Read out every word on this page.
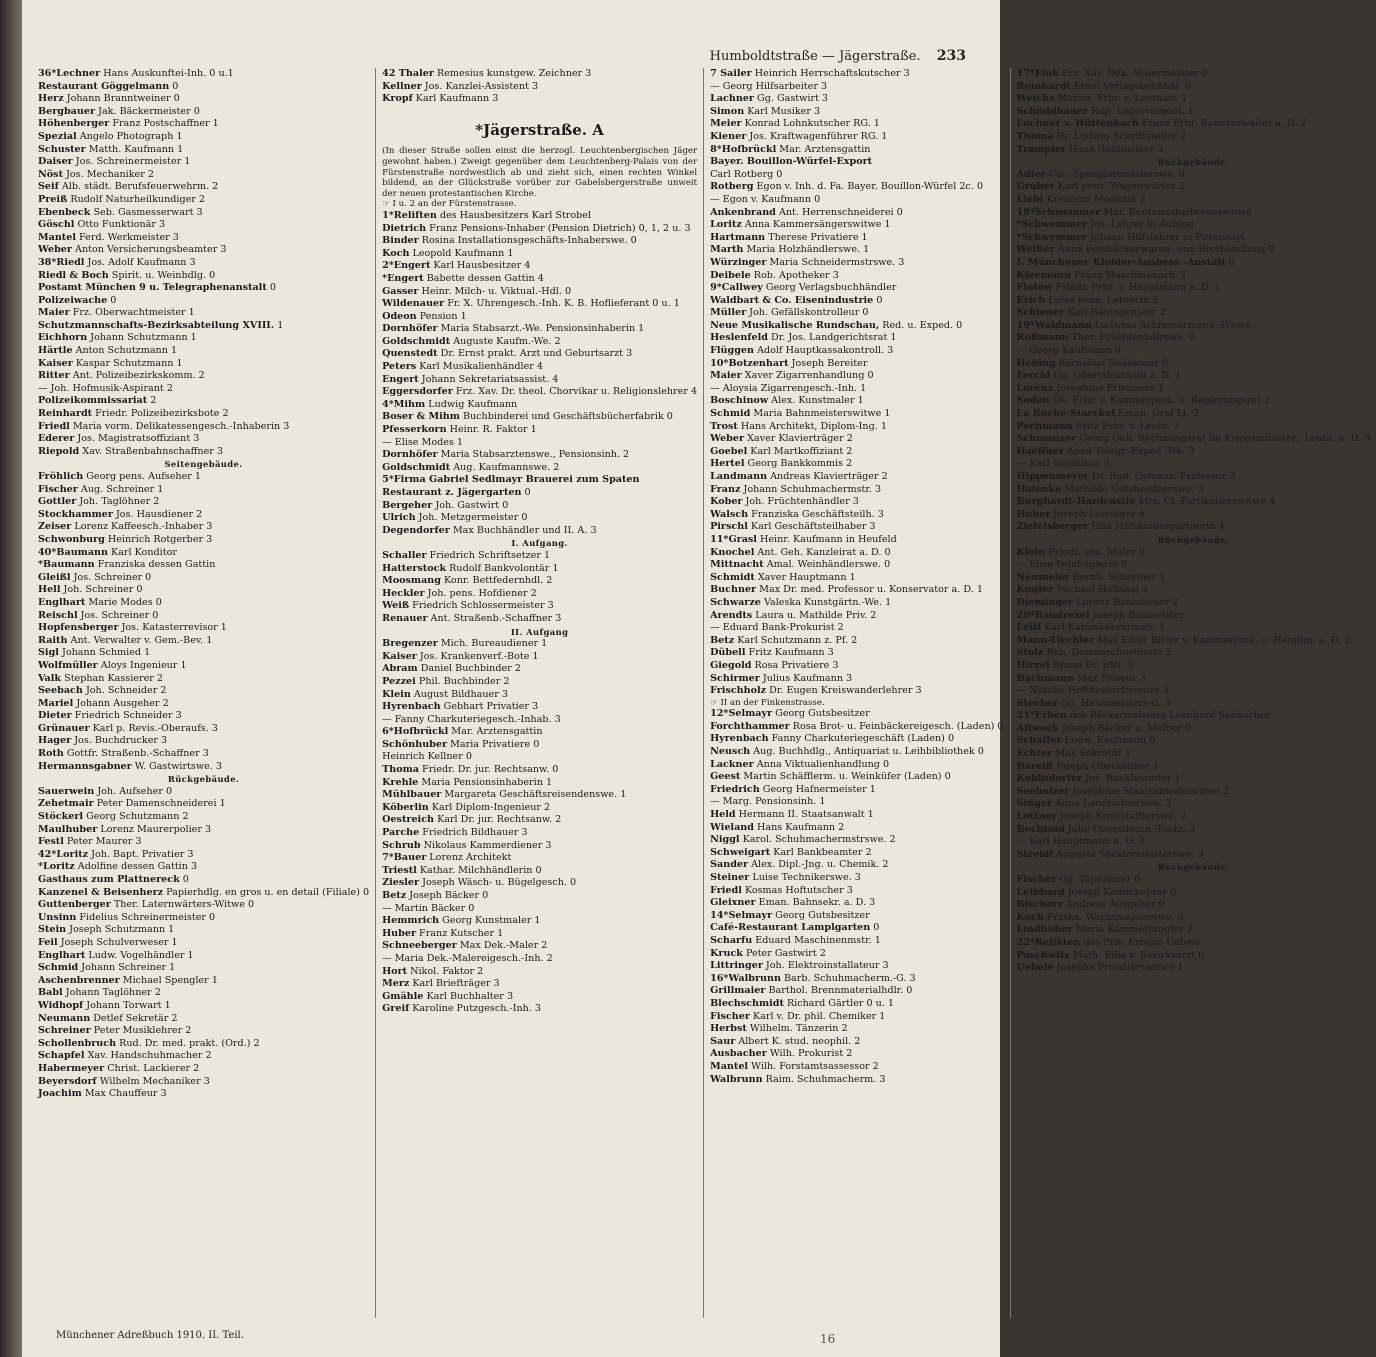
Humboldtstraße — Jägerstraße. 233
36*Lechner Hans Auskunftei-Inh. 0 u.1
Restaurant Göggelmann 0
Herz Johann Branntweiner 0
Bergbauer Jak. Bäckermeister 0
Höhenberger Franz Postschaffner 1
Spezial Angelo Photograph 1
Schuster Matth. Kaufmann 1
Daiser Jos. Schreinermeister 1
Nöst Jos. Mechaniker 2
Seif Alb. städt. Berufsfeuerwehrm. 2
Preiß Rudolf Naturheilkundiger 2
Ebenbeck Seb. Gasmesserwart 3
Göschl Otto Funktionär 3
Mantel Ferd. Werkmeister 3
Weber Anton Versicherungsbeamter 3
38*Riedl Jos. Adolf Kaufmann 3
Riedl & Boch Spirit. u. Weinhdlg. 0
Postamt München 9 u. Telegraphenanstalt 0
Polizeiwache 0
Maier Frz. Oberwachtmeister 1
Schutzmannschafts-Bezirksabteilung XVIII. 1
Eichhorn Johann Schutzmann 1
Härtle Anton Schutzmann 1
Kaiser Kaspar Schutzmann 1
Ritter Ant. Polizeibezirkskomm. 2
— Joh. Hofmusik-Aspirant 2
Polizeikommissariat 2
Reinhardt Friedr. Polizeibezirksbote 2
Friedl Maria vorm. Delikatessengesch.-Inhaberin 3
Ederer Jos. Magistratsoffiziant 3
Riepold Xav. Straßenbahnschaffner 3
Seitengebäude.
Fröhlich Georg pens. Aufseher 1
Fischer Aug. Schreiner 1
Gottler Joh. Taglöhner 2
Stockhammer Jos. Hausdiener 2
Zeiser Lorenz Kaffeesch.-Inhaber 3
Schwonburg Heinrich Rotgerber 3
40*Baumann Karl Konditor
*Baumann Franziska dessen Gattin
Gleißl Jos. Schreiner 0
Hell Joh. Schreiner 0
Englhart Marie Modes 0
Reischl Jos. Schreiner 0
Hopfensberger Jos. Katasterrevisor 1
Raith Ant. Verwalter v. Gem.-Bev. 1
Sigl Johann Schmied 1
Wolfmüller Aloys Ingenieur 1
Valk Stephan Kassierer 2
Seebach Joh. Schneider 2
Mariel Johann Ausgeher 2
Dieter Friedrich Schneider 3
Grünauer Karl p. Revis.-Oberaufs. 3
Hager Jos. Buchdrucker 3
Roth Gottfr. Straßenb.-Schaffner 3
Hermannsgabner W. Gastwirtswe. 3
Rückgebäude.
Sauerwein Joh. Aufseher 0
Zehetmair Peter Damenschneiderei 1
Stöckerl Georg Schutzmann 2
Maulhuber Lorenz Maurerpolier 3
Festl Peter Maurer 3
42*Loritz Joh. Bapt. Privatier 3
*Loritz Adolfine dessen Gattin 3
Gasthaus zum Plattnereck 0
Kanzenel & Beisenherz Papierhdlg. en gros u. en detail (Filiale) 0
Guttenberger Ther. Laternwärters-Witwe 0
Unsinn Fidelius Schreinermeister 0
Stein Joseph Schutzmann 1
Feil Joseph Schulverweser 1
Englhart Ludw. Vogelhändler 1
Schmid Johann Schreiner 1
Aschenbrenner Michael Spengler 1
Babl Johann Taglöhner 2
Widhopf Johann Torwart 1
Neumann Detlef Sekretär 2
Schreiner Peter Musiklehrer 2
Schollenbruch Rud. Dr. med. prakt. (Ord.) 2
Schapfel Xav. Handschuhmacher 2
Habermeyer Christ. Lackierer 2
Beyersdorf Wilhelm Mechaniker 3
Joachim Max Chauffeur 3
42 Thaler Remesius kunstgew. Zeichner 3
Kellner Jos. Kanzlei-Assistent 3
Kropf Karl Kaufmann 3
*Jägerstraße. A
(In dieser Straße sollen einst die herzogl. Leuchtenbergischen Jäger gewohnt haben.) Zweigt gegenüber dem Leuchtenberg-Palais von der Fürstenstraße nordwestlich ab und zieht sich, einen rechten Winkel bildend, an der Glückstraße vorüber zur Gabelsbergerstraße unweit der neuen protestantischen Kirche.
☞ I u. 2 an der Fürstenstrasse.
1*Reliften des Hausbesitzers Karl Strobel
Dietrich Franz Pensions-Inhaber (Pension Dietrich) 0, 1, 2 u. 3
Binder Rosina Installationsgeschäfts-Inhaberswe. 0
Koch Leopold Kaufmann 1
2*Engert Karl Hausbesitzer 4
*Engert Babette dessen Gattin 4
Gasser Heinr. Milch- u. Viktual.-Hdl. 0
Wildenauer Fr. X. Uhrengesch.-Inh. K. B. Hoflieferant 0 u. 1
Odeon Pension 1
Dornhöfer Maria Stabsarzt.-We. Pensionsinhaberin 1
Goldschmidt Auguste Kaufm.-We. 2
Quenstedt Dr. Ernst prakt. Arzt und Geburtsarzt 3
Peters Karl Musikalienhändler 4
Engert Johann Sekretariatsassist. 4
Eggersdorfer Frz. Xav. Dr. theol. Chorvikar u. Religionslehrer 4
4*Mihm Ludwig Kaufmann
Boser & Mihm Buchbinderei und Geschäftsbücherfabrik 0
Pfesserkorn Heinr. R. Faktor 1
— Elise Modes 1
Dornhöfer Maria Stabsarztenswe., Pensionsinh. 2
Goldschmidt Aug. Kaufmannswe. 2
5*Firma Gabriel Sedlmayr Brauerei zum Spaten
Restaurant z. Jägergarten 0
Bergeher Joh. Gastwirt 0
Ulrich Joh. Metzgermeister 0
Degendorfer Max Buchhändler und II. A. 3
I. Aufgang.
Schaller Friedrich Schriftsetzer 1
Hatterstock Rudolf Bankvolontär 1
Moosmang Konr. Bettfedernhdl. 2
Heckler Joh. pens. Hofdiener 2
Weiß Friedrich Schlossermeister 3
Renauer Ant. Straßenb.-Schaffner 3
II. Aufgang
Bregenzer Mich. Bureaudiener 1
Kaiser Jos. Krankenverf.-Bote 1
Abram Daniel Buchbinder 2
Pezzei Phil. Buchbinder 2
Klein August Bildhauer 3
Hyrenbach Gebhart Privatier 3
— Fanny Charkuteriegesch.-Inhab. 3
6*Hofbrückl Mar. Arztensgattin
Schönhuber Maria Privatiere 0
Heinrich Kellner 0
Thoma Friedr. Dr. jur. Rechtsanw. 0
Krehle Maria Pensionsinhaberin 1
Mühlbauer Margareta Geschäftsreisendenswe. 1
Köberlin Karl Diplom-Ingenieur 2
Oestreich Karl Dr. jur. Rechtsanw. 2
Parche Friedrich Bildhauer 3
Schrub Nikolaus Kammerdiener 3
7*Bauer Lorenz Architekt
Triestl Kathar. Milchhändlerin 0
Ziesler Joseph Wäsch- u. Bügelgesch. 0
Betz Joseph Bäcker 0
— Martin Bäcker 0
Hemmrich Georg Kunstmaler 1
Huber Franz Kutscher 1
Schneeberger Max Dek.-Maler 2
— Maria Dek.-Malereigesch.-Inh. 2
Hort Nikol. Faktor 2
Merz Karl Briefträger 3
Gmähle Karl Buchhalter 3
Greif Karoline Putzgesch.-Inh. 3
7 Sailer Heinrich Herrschaftskutscher 3
— Georg Hilfsarbeiter 3
Lachner Gg. Gastwirt 3
Simon Karl Musiker 3
Meier Konrad Lohnkutscher RG. 1
Kiener Jos. Kraftwagenführer RG. 1
8*Hofbrückl Mar. Arztensgattin
Bayer. Bouillon-Würfel-Export
Carl Rotberg 0
Rotberg Egon v. Inh. d. Fa. Bayer. Bouillon-Würfel 2c. 0
— Egon v. Kaufmann 0
Ankenbrand Ant. Herrenschneiderei 0
Loritz Anna Kammersängerswitwe 1
Hartmann Therese Privatiere 1
Marth Maria Holzhändlerswe. 1
Würzinger Maria Schneidermstrswe. 3
Deibele Rob. Apotheker 3
9*Callwey Georg Verlagsbuchhändler
Waldbart & Co. Eisenindustrie 0
Müller Joh. Gefällskontrolleur 0
Neue Musikalische Rundschau, Red. u. Exped. 0
Heslenfeld Dr. Jos. Landgerichtsrat 1
Flüggen Adolf Hauptkassakontroll. 3
10*Botzenhart Joseph Bereiter
Maier Xaver Zigarrenhandlung 0
— Aloysia Zigarrengesch.-Inh. 1
Boschinow Alex. Kunstmaler 1
Schmid Maria Bahnmeisterswitwe 1
Trost Hans Architekt, Diplom-Ing. 1
Weber Xaver Klavierträger 2
Goebel Karl Martkoffiziant 2
Hertel Georg Bankkommis 2
Landmann Andreas Klavierträger 2
Franz Johann Schuhmachermstr. 3
Kober Joh. Früchtenhändler 3
Walsch Franziska Geschäftsteilh. 3
Pirschl Karl Geschäftsteilhaber 3
11*Grasl Heinr. Kaufmann in Heufeld
Knochel Ant. Geh. Kanzleirat a. D. 0
Mittnacht Amal. Weinhändlerswe. 0
Schmidt Xaver Hauptmann 1
Buchner Max Dr. med. Professor u. Konservator a. D. 1
Schwarze Valeska Kunstgärtn.-We. 1
Arendts Laura u. Mathilde Priv. 2
— Eduard Bank-Prokurist 2
Betz Karl Schutzmann z. Pf. 2
Dübell Fritz Kaufmann 3
Giegold Rosa Privatiere 3
Schirmer Julius Kaufmann 3
Frischholz Dr. Eugen Kreiswanderlehrer 3
☞ II an der Finkenstrasse.
12*Selmayr Georg Gutsbesitzer
Forchthammer Rosa Brot- u. Feinbäckereigesch. (Laden) 0
Hyrenbach Fanny Charkuteriegeschäft (Laden) 0
Neusch Aug. Buchhdlg., Antiquariat u. Leihbibliothek 0
Lackner Anna Viktualienhandlung 0
Geest Martin Schäfflerm. u. Weinküfer (Laden) 0
Friedrich Georg Hafnermeister 1
— Marg. Pensionsinh. 1
Held Hermann II. Staatsanwalt 1
Wieland Hans Kaufmann 2
Niggl Karol. Schuhmachermstrswe. 2
Schweigart Karl Bankbeamter 2
Sander Alex. Dipl.-Jng. u. Chemik. 2
Steiner Luise Technikerswe. 3
Friedl Kosmas Hoftutscher 3
Gleixner Eman. Bahnsekr. a. D. 3
14*Selmayr Georg Gutsbesitzer
Café-Restaurant Lamplgarten 0
Scharfu Eduard Maschinenmstr. 1
Kruck Peter Gastwirt 2
Littringer Joh. Elektroinstallateur 3
16*Walbrunn Barb. Schuhmacherm.-G. 3
Grillmaier Barthol. Brennmaterialhdlr. 0
Blechschmidt Richard Gärtler 0 u. 1
Fischer Karl v. Dr. phil. Chemiker 1
Herbst Wilhelm. Tänzerin 2
Saur Albert K. stud. neophil. 2
Ausbacher Wilh. Prokurist 2
Mantel Wilh. Forstamtsassessor 2
Walbrunn Raim. Schuhmacherm. 3
17*Fink Frz. Xav. Dek.-Malermeister 0
Reinhardt Ernst Verlagsbuchhdl. 0
Weichs Maxim. Frhr. v. Leutnant 1
Schmidbauer Rup. Lagerverwalt. 1
Lochner v. Hüttenbach Franz Frhr. Bahnverwalter a. D. 2
Thoma Dr. Ludwig Schriftsteller 2
Trampler Hans Hofmusiker 3
Rückgebäude.
Adler Cäc. Spenglermeisterswe. 0
Gruber Karl pens. Wagenwärter 2
Liebl Kreszenz Modistin 2
18*Schwemmer Mar. Rentamtsbeibotenswitwe
*Schwemmer Jos. Lehrer in Aubing
*Schwemmer Johann Hilfslehrer in Pittenhart
Weißer Anna Feinbäckerwaren- und Brothandlung 0
I. Münchener Kleider-Ausbess.-Anstalt 0
Kleemann Franz Maschinenarb. 1
Flotow Friedr. Frhr. v. Hauptmann a. D. 1
Erich Luise pens. Lehrerin 2
Schiener Karl Bauingenieur 2
19*Waldmann Ludwina Schreinermstrs.-Witwe
Roßmann Ther. Früchtenhdlrswe. 0
— Georg Kaufmann 0
Hebing Kornelius Redakteur 0
Ferchl Gg. Oberstleutnant z. D. 1
Lorenz Josephine Privatiere 1
Soden Ök. Frhr. v. Kammerjunk. u. Regierungsrat 2
La Roche-Starckel Eman. Graf Lt. 2
Pechmann Fritz Frhr. v. Leutn. 2
Schmauser Georg Geh. Rechnungsrat im Kriegsminister., Leutn. a. D. 3
Haeffner Anna Telegr.-Exped.-We. 3
— Karl Ingenieur 3
Hippenmeyer Dr. Rud. Gymnas.-Professor 3
Halenke Mathilde Gutsbesitzerswe. 3
Burghardt-Hardcastle Mrs. Cl. Partikulierswitwe 4
Huber Joseph Leibjäger 4
Ziefelsberger Elsa Hilfskindergärtnerin 4
Rückgebäude.
Klein Friedr. sen. Maler 0
— Elise Feinbüglerin 0
Neumeier Bernh. Schreiner 1
Kugler Michael Hoflakai 2
Dieminger Lorenz Bankdiener 2
20*Baudrexel Joseph Baumeister
Leitl Karl Kaminkehrermstr. 1
Mann-Tiechler Max Edler Ritter v. Kammerjunk. u. Hauptm. a. D. 2
Stolz Bab. Damenschneiderin 2
Hirzel Bruno Dr. phil. 3
Bachmann Max Friseur 3
— Natalie Hoftheaterfriseuse 3
Stecher Gg. Hausmeisters-G. 3
21*Erben des Bäckermeisters Leonhard Seebacher
Altweck Joseph Bäcker u. Melber 0
Schäffer Ludw. Kaufmann 0
Echter Max Sekretär 1
Bareiß Joseph Oberkellner 1
Kohlndorfer Jos. Bankbeamter 1
Seeholzer Josephine Staatsanwaltswitwe 2
Singer Anna Landrichterswe. 2
Lottner Joseph Kreisstaffierswe. 2
Bechtold Julie Oberstleutn.-Tocht. 3
— Karl Hauptmann a. D. 3
Streidl Auguste Säcklermeisterswe. 3
Rückgebäude.
Fischer Gg. Tapezierer 0
Leibhard Joseph Kaminkehrer 0
Bischorr Andreas Ausgeher 0
Koch Frzska. Wachtmeisterswe. 0
Lindhuber Maria Kammerjungfer 2
22*Relikten des Priv. Krispin Uebele
Paschwitz Math. Edle v. Bezirksarzt 0
Uebele Josepha Privatierswitwe 1
Münchener Adreßbuch 1910. II. Teil.	16
